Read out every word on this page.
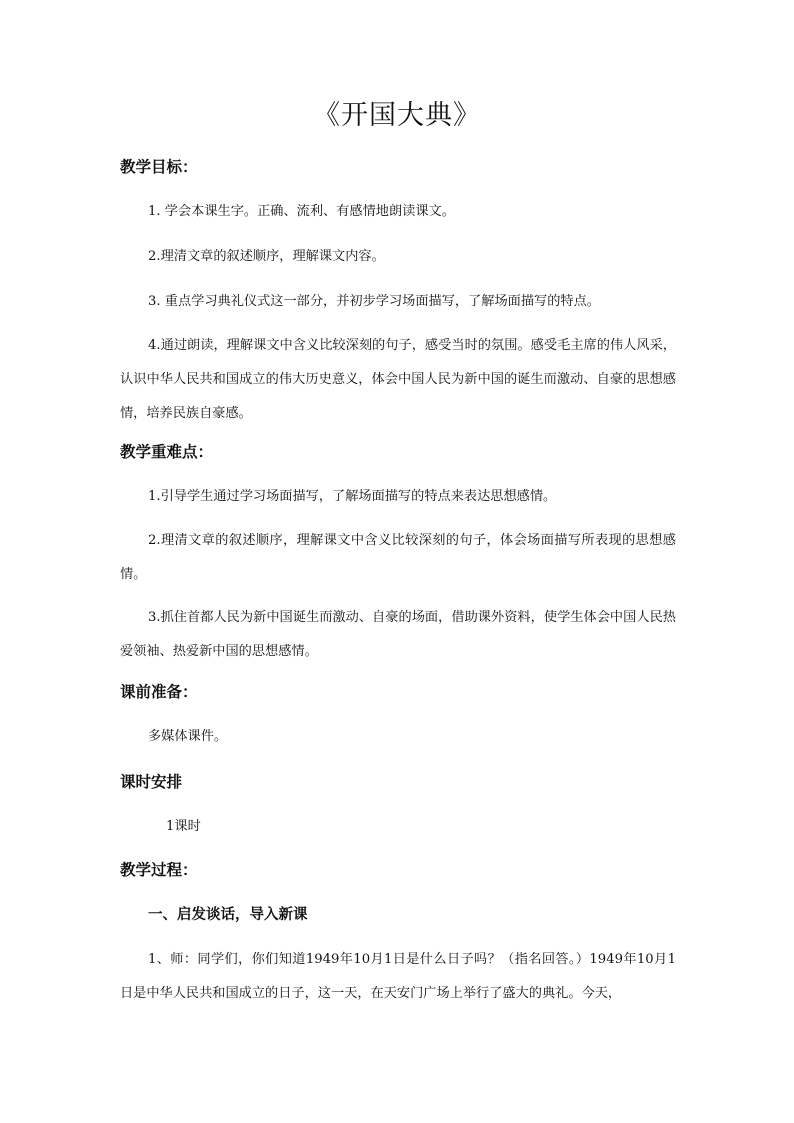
《开国大典》
教学目标：
1. 学会本课生字。正确、流利、有感情地朗读课文。
2.理清文章的叙述顺序，理解课文内容。
3. 重点学习典礼仪式这一部分，并初步学习场面描写，了解场面描写的特点。
4.通过朗读，理解课文中含义比较深刻的句子，感受当时的氛围。感受毛主席的伟人风采，认识中华人民共和国成立的伟大历史意义，体会中国人民为新中国的诞生而激动、自豪的思想感情，培养民族自豪感。
教学重难点：
1.引导学生通过学习场面描写，了解场面描写的特点来表达思想感情。
2.理清文章的叙述顺序，理解课文中含义比较深刻的句子，体会场面描写所表现的思想感情。
3.抓住首都人民为新中国诞生而激动、自豪的场面，借助课外资料，使学生体会中国人民热爱领袖、热爱新中国的思想感情。
课前准备：
多媒体课件。
课时安排
1课时
教学过程：
一、启发谈话，导入新课
1、师：同学们，你们知道1949年10月1日是什么日子吗？（指名回答。）1949年10月1日是中华人民共和国成立的日子，这一天，在天安门广场上举行了盛大的典礼。今天，
